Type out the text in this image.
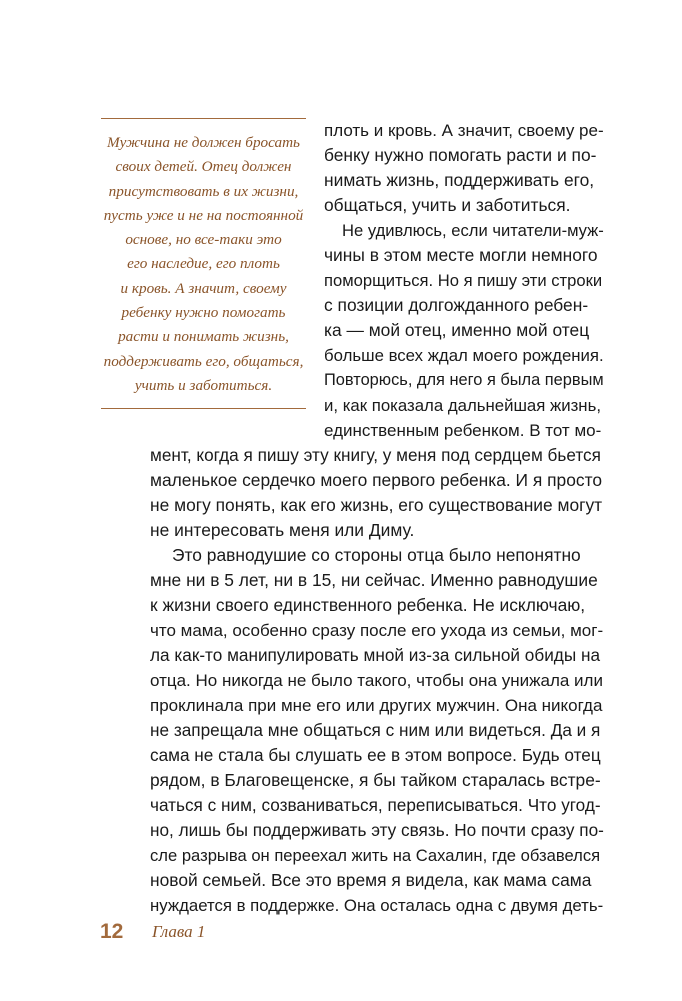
Мужчина не должен бросать
своих детей. Отец должен
присутствовать в их жизни,
пусть уже и не на постоянной
основе, но все-таки это
его наследие, его плоть
и кровь. А значит, своему
ребенку нужно помогать
расти и понимать жизнь,
поддерживать его, общаться,
учить и заботиться.
плоть и кровь. А значит, своему ре-
бенку нужно помогать расти и по-
нимать жизнь, поддерживать его,
общаться, учить и заботиться.
Не удивлюсь, если читатели-муж-
чины в этом месте могли немного
поморщиться. Но я пишу эти строки
с позиции долгожданного ребен-
ка — мой отец, именно мой отец
больше всех ждал моего рождения.
Повторюсь, для него я была первым
и, как показала дальнейшая жизнь,
единственным ребенком. В тот мо-
мент, когда я пишу эту книгу, у меня под сердцем бьется
маленькое сердечко моего первого ребенка. И я просто
не могу понять, как его жизнь, его существование могут
не интересовать меня или Диму.
Это равнодушие со стороны отца было непонятно
мне ни в 5 лет, ни в 15, ни сейчас. Именно равнодушие
к жизни своего единственного ребенка. Не исключаю,
что мама, особенно сразу после его ухода из семьи, мог-
ла как-то манипулировать мной из-за сильной обиды на
отца. Но никогда не было такого, чтобы она унижала или
проклинала при мне его или других мужчин. Она никогда
не запрещала мне общаться с ним или видеться. Да и я
сама не стала бы слушать ее в этом вопросе. Будь отец
рядом, в Благовещенске, я бы тайком старалась встре-
чаться с ним, созваниваться, переписываться. Что угод-
но, лишь бы поддерживать эту связь. Но почти сразу по-
сле разрыва он переехал жить на Сахалин, где обзавелся
новой семьей. Все это время я видела, как мама сама
нуждается в поддержке. Она осталась одна с двумя деть-
12 Глава 1
